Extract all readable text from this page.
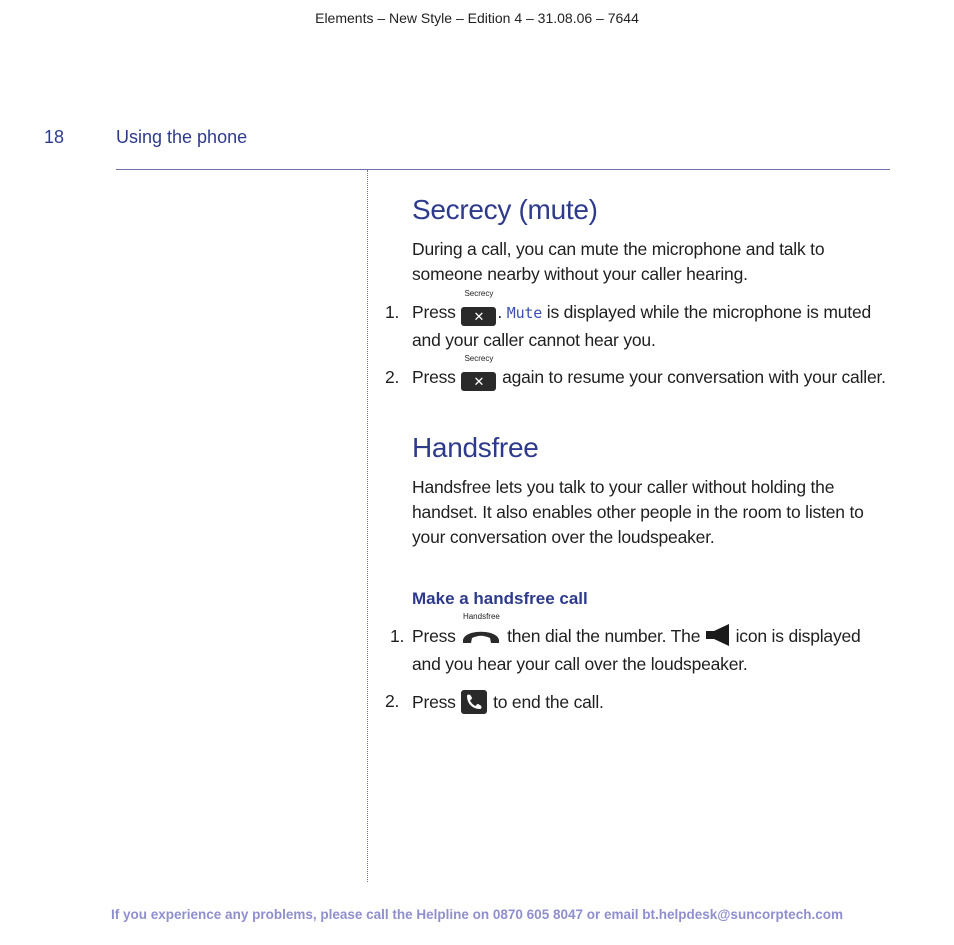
Elements – New Style – Edition 4 – 31.08.06 – 7644
18	Using the phone
Secrecy (mute)

During a call, you can mute the microphone and talk to someone nearby without your caller hearing.

1. Press
Secrecy
✕ . Mute is displayed while the microphone is muted and your caller cannot hear you.
2. Press
Secrecy
✕ again to resume your conversation with your caller.
Handsfree

Handsfree lets you talk to your caller without holding the handset. It also enables other people in the room to listen to your conversation over the loudspeaker.

Make a handsfree call
1. Press
Handsfree
then dial the number. The icon is displayed and you hear your call over the loudspeaker.
2. Press to end the call.
If you experience any problems, please call the Helpline on 0870 605 8047 or email bt.helpdesk@suncorptech.com
